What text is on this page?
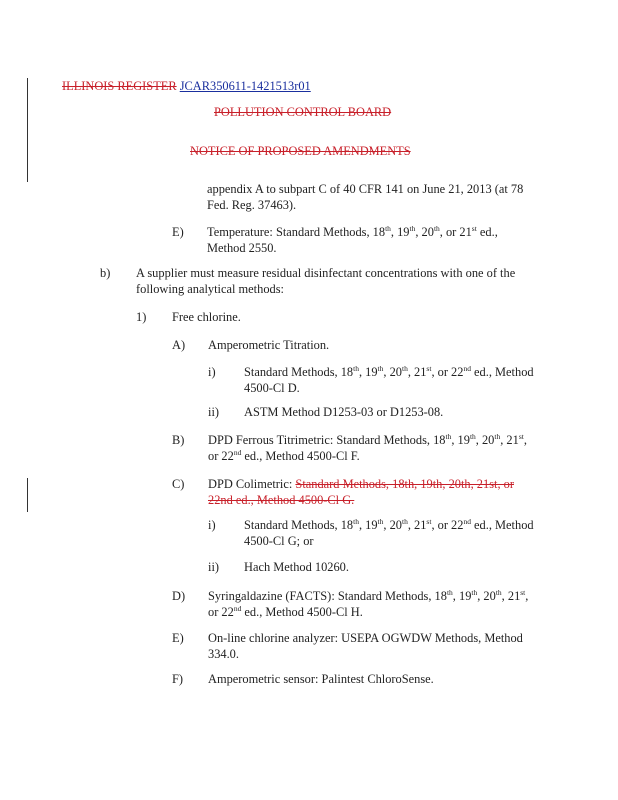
ILLINOIS REGISTER JCAR350611-1421513r01
POLLUTION CONTROL BOARD
NOTICE OF PROPOSED AMENDMENTS
appendix A to subpart C of 40 CFR 141 on June 21, 2013 (at 78
Fed. Reg. 37463).
E) Temperature: Standard Methods, 18th, 19th, 20th, or 21st ed.,
Method 2550.
b) A supplier must measure residual disinfectant concentrations with one of the
following analytical methods:
1) Free chlorine.
A) Amperometric Titration.
i) Standard Methods, 18th, 19th, 20th, 21st, or 22nd ed., Method
4500-Cl D.
ii) ASTM Method D1253-03 or D1253-08.
B) DPD Ferrous Titrimetric: Standard Methods, 18th, 19th, 20th, 21st,
or 22nd ed., Method 4500-Cl F.
C) DPD Colimetric: Standard Methods, 18th, 19th, 20th, 21st, or
22nd ed., Method 4500-Cl G.
i) Standard Methods, 18th, 19th, 20th, 21st, or 22nd ed., Method
4500-Cl G; or
ii) Hach Method 10260.
D) Syringaldazine (FACTS): Standard Methods, 18th, 19th, 20th, 21st,
or 22nd ed., Method 4500-Cl H.
E) On-line chlorine analyzer: USEPA OGWDW Methods, Method
334.0.
F) Amperometric sensor: Palintest ChloroSense.
